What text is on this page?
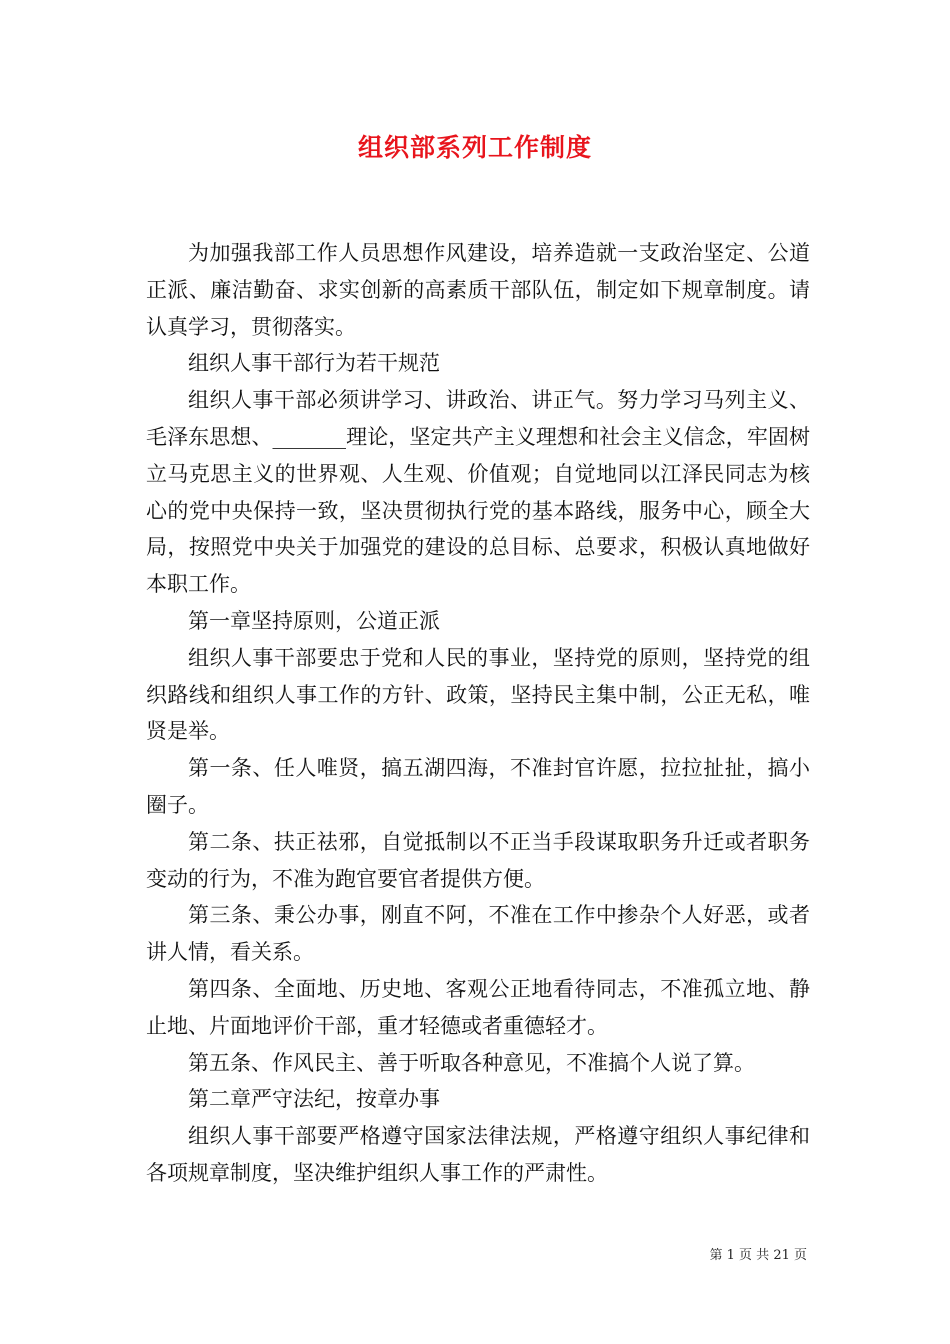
组织部系列工作制度

为加强我部工作人员思想作风建设，培养造就一支政治坚定、公道正派、廉洁勤奋、求实创新的高素质干部队伍，制定如下规章制度。请认真学习，贯彻落实。

组织人事干部行为若干规范

组织人事干部必须讲学习、讲政治、讲正气。努力学习马列主义、毛泽东思想、_______理论，坚定共产主义理想和社会主义信念，牢固树立马克思主义的世界观、人生观、价值观；自觉地同以江泽民同志为核心的党中央保持一致，坚决贯彻执行党的基本路线，服务中心，顾全大局，按照党中央关于加强党的建设的总目标、总要求，积极认真地做好本职工作。

第一章坚持原则，公道正派

组织人事干部要忠于党和人民的事业，坚持党的原则，坚持党的组织路线和组织人事工作的方针、政策，坚持民主集中制，公正无私，唯贤是举。

第一条、任人唯贤，搞五湖四海，不准封官许愿，拉拉扯扯，搞小圈子。

第二条、扶正祛邪，自觉抵制以不正当手段谋取职务升迁或者职务变动的行为，不准为跑官要官者提供方便。

第三条、秉公办事，刚直不阿，不准在工作中掺杂个人好恶，或者讲人情，看关系。

第四条、全面地、历史地、客观公正地看待同志，不准孤立地、静止地、片面地评价干部，重才轻德或者重德轻才。

第五条、作风民主、善于听取各种意见，不准搞个人说了算。

第二章严守法纪，按章办事

组织人事干部要严格遵守国家法律法规，严格遵守组织人事纪律和各项规章制度，坚决维护组织人事工作的严肃性。

第 1 页 共 21 页
